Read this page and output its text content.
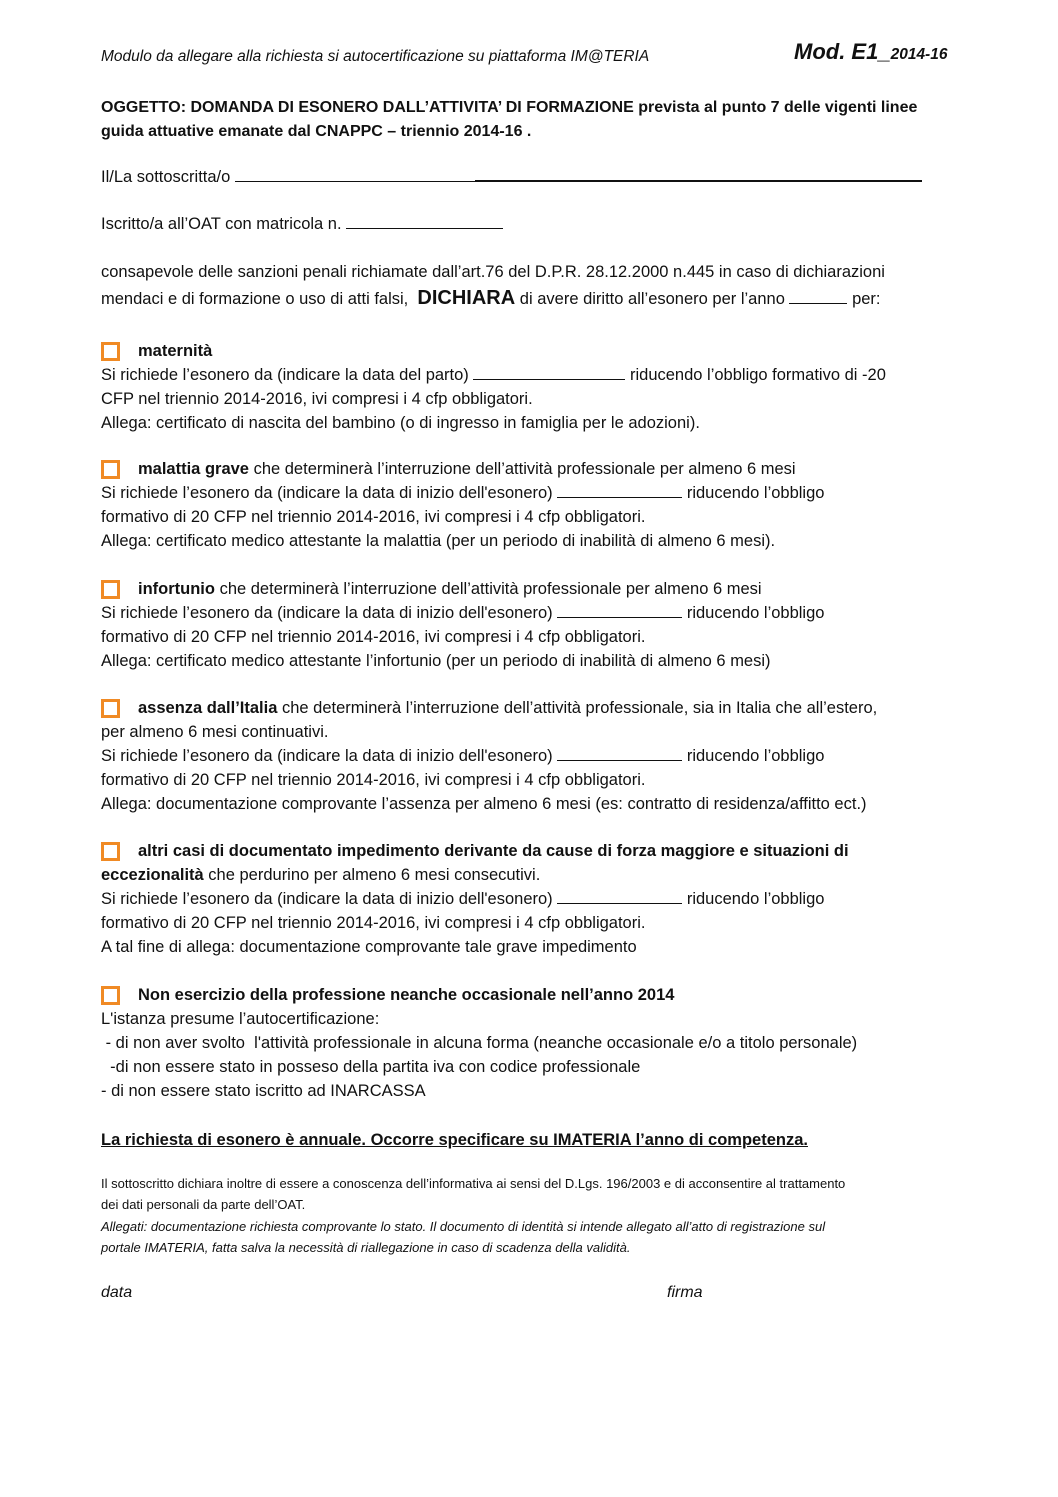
Modulo da allegare alla richiesta si autocertificazione su piattaforma IM@TERIA	Mod. E1_2014-16
OGGETTO: DOMANDA DI ESONERO DALL’ATTIVITA’ DI FORMAZIONE prevista al punto 7 delle vigenti linee guida attuative emanate dal CNAPPC – triennio 2014-16 .
Il/La sottoscritta/o
Iscritto/a all’OAT con matricola n.
consapevole delle sanzioni penali richiamate dall’art.76 del D.P.R. 28.12.2000 n.445 in caso di dichiarazioni
mendaci e di formazione o uso di atti falsi, DICHIARA di avere diritto all’esonero per l’anno	per:
maternità
Si richiede l’esonero da (indicare la data del parto)	riducendo l’obbligo formativo di -20
CFP nel triennio 2014-2016, ivi compresi i 4 cfp obbligatori.
Allega: certificato di nascita del bambino (o di ingresso in famiglia per le adozioni).
malattia grave che determinerà l’interruzione dell’attività professionale per almeno 6 mesi
Si richiede l’esonero da (indicare la data di inizio dell'esonero)	riducendo l’obbligo
formativo di 20 CFP nel triennio 2014-2016, ivi compresi i 4 cfp obbligatori.
Allega: certificato medico attestante la malattia (per un periodo di inabilità di almeno 6 mesi).
infortunio che determinerà l’interruzione dell’attività professionale per almeno 6 mesi
Si richiede l’esonero da (indicare la data di inizio dell'esonero)	riducendo l’obbligo
formativo di 20 CFP nel triennio 2014-2016, ivi compresi i 4 cfp obbligatori.
Allega: certificato medico attestante l’infortunio (per un periodo di inabilità di almeno 6 mesi)
assenza dall’Italia che determinerà l’interruzione dell’attività professionale, sia in Italia che all’estero,
per almeno 6 mesi continuativi.
Si richiede l’esonero da (indicare la data di inizio dell'esonero)	riducendo l’obbligo
formativo di 20 CFP nel triennio 2014-2016, ivi compresi i 4 cfp obbligatori.
Allega: documentazione comprovante l’assenza per almeno 6 mesi (es: contratto di residenza/affitto ect.)
altri casi di documentato impedimento derivante da cause di forza maggiore e situazioni di
eccezionalità che perdurino per almeno 6 mesi consecutivi.
Si richiede l’esonero da (indicare la data di inizio dell'esonero)	riducendo l’obbligo
formativo di 20 CFP nel triennio 2014-2016, ivi compresi i 4 cfp obbligatori.
A tal fine di allega: documentazione comprovante tale grave impedimento
Non esercizio della professione neanche occasionale nell’anno 2014
L'istanza presume l’autocertificazione:
- di non aver svolto  l'attività professionale in alcuna forma (neanche occasionale e/o a titolo personale)
-di non essere stato in posseso della partita iva con codice professionale
- di non essere stato iscritto ad INARCASSA
La richiesta di esonero è annuale. Occorre specificare su IMATERIA l’anno di competenza.
Il sottoscritto dichiara inoltre di essere a conoscenza dell’informativa ai sensi del D.Lgs. 196/2003 e di acconsentire al trattamento
dei dati personali da parte dell’OAT.
Allegati: documentazione richiesta comprovante lo stato. Il documento di identità si intende allegato all’atto di registrazione sul
portale IMATERIA, fatta salva la necessità di riallegazione in caso di scadenza della validità.
data	firma
